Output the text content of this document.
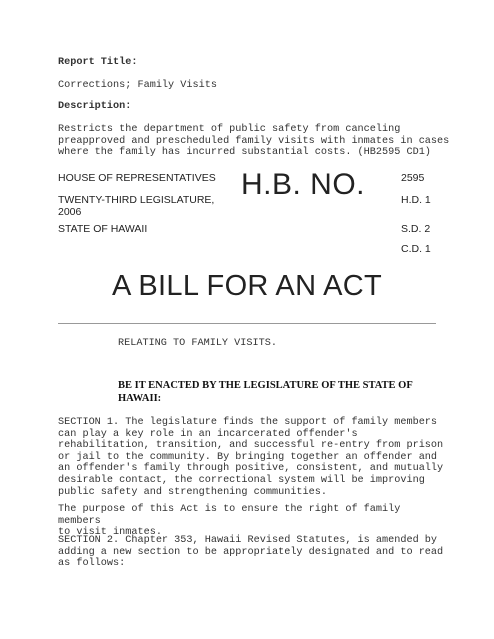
Report Title:
Corrections; Family Visits
Description:
Restricts the department of public safety from canceling
preapproved and prescheduled family visits with inmates in cases
where the family has incurred substantial costs. (HB2595 CD1)
HOUSE OF REPRESENTATIVES
TWENTY-THIRD LEGISLATURE, 2006
STATE OF HAWAII
H.B. NO.	2595
H.D. 1
S.D. 2
C.D. 1
A BILL FOR AN ACT
RELATING TO FAMILY VISITS.
BE IT ENACTED BY THE LEGISLATURE OF THE STATE OF HAWAII:
SECTION 1. The legislature finds the support of family members
can play a key role in an incarcerated offender's
rehabilitation, transition, and successful re-entry from prison
or jail to the community. By bringing together an offender and
an offender's family through positive, consistent, and mutually
desirable contact, the correctional system will be improving
public safety and strengthening communities.
The purpose of this Act is to ensure the right of family members
to visit inmates.
SECTION 2. Chapter 353, Hawaii Revised Statutes, is amended by
adding a new section to be appropriately designated and to read
as follows:
